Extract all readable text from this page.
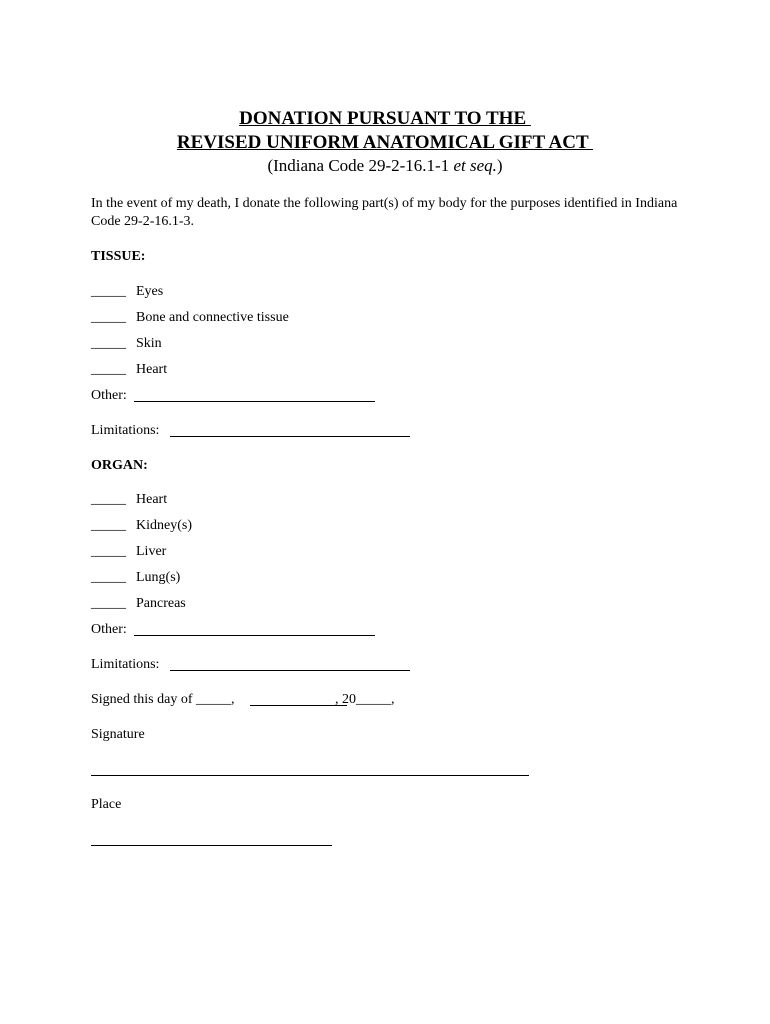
DONATION PURSUANT TO THE
REVISED UNIFORM ANATOMICAL GIFT ACT
(Indiana Code 29-2-16.1-1 et seq.)
In the event of my death, I donate the following part(s) of my body for the purposes identified in Indiana Code 29-2-16.1-3.
TISSUE:
_____ Eyes
_____ Bone and connective tissue
_____ Skin
_____ Heart
Other:
Limitations:
ORGAN:
_____ Heart
_____ Kidney(s)
_____ Liver
_____ Lung(s)
_____ Pancreas
Other:
Limitations:
Signed this day of _____,	, 20_____,
Signature
Place
